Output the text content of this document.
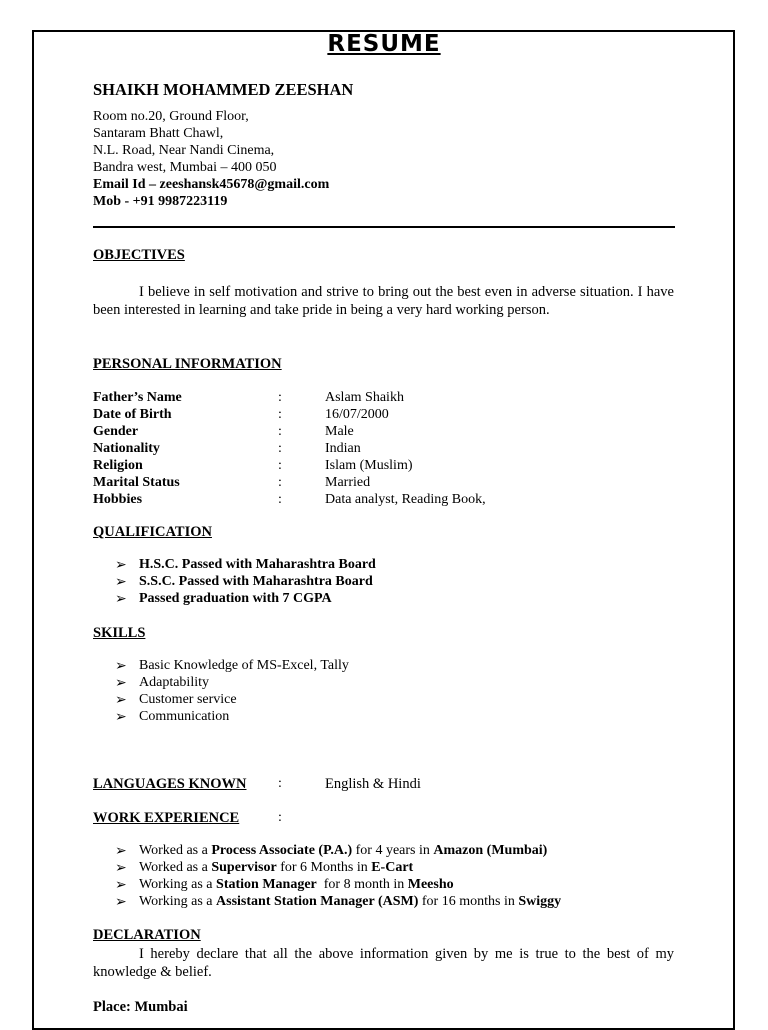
RESUME
SHAIKH MOHAMMED ZEESHAN
Room no.20, Ground Floor,
Santaram Bhatt Chawl,
N.L. Road, Near Nandi Cinema,
Bandra west, Mumbai – 400 050
Email Id – zeeshansk45678@gmail.com
Mob - +91 9987223119
OBJECTIVES
I believe in self motivation and strive to bring out the best even in adverse situation. I have been interested in learning and take pride in being a very hard working person.
PERSONAL INFORMATION
Father’s Name	:	Aslam Shaikh
Date of Birth	:	16/07/2000
Gender	:	Male
Nationality	:	Indian
Religion	:	Islam (Muslim)
Marital Status	:	Married
Hobbies	:	Data analyst, Reading Book,
QUALIFICATION
➢ H.S.C. Passed with Maharashtra Board
➢ S.S.C. Passed with Maharashtra Board
➢ Passed graduation with 7 CGPA
SKILLS
➢ Basic Knowledge of MS-Excel, Tally
➢ Adaptability
➢ Customer service
➢ Communication
LANGUAGES KNOWN :	English & Hindi
WORK EXPERIENCE	:
➢ Worked as a Process Associate (P.A.) for 4 years in Amazon (Mumbai)
➢ Worked as a Supervisor for 6 Months in E-Cart
➢ Working as a Station Manager  for 8 month in Meesho
➢ Working as a Assistant Station Manager (ASM) for 16 months in Swiggy
DECLARATION
I hereby declare that all the above information given by me is true to the best of my knowledge & belief.
Place: Mumbai
